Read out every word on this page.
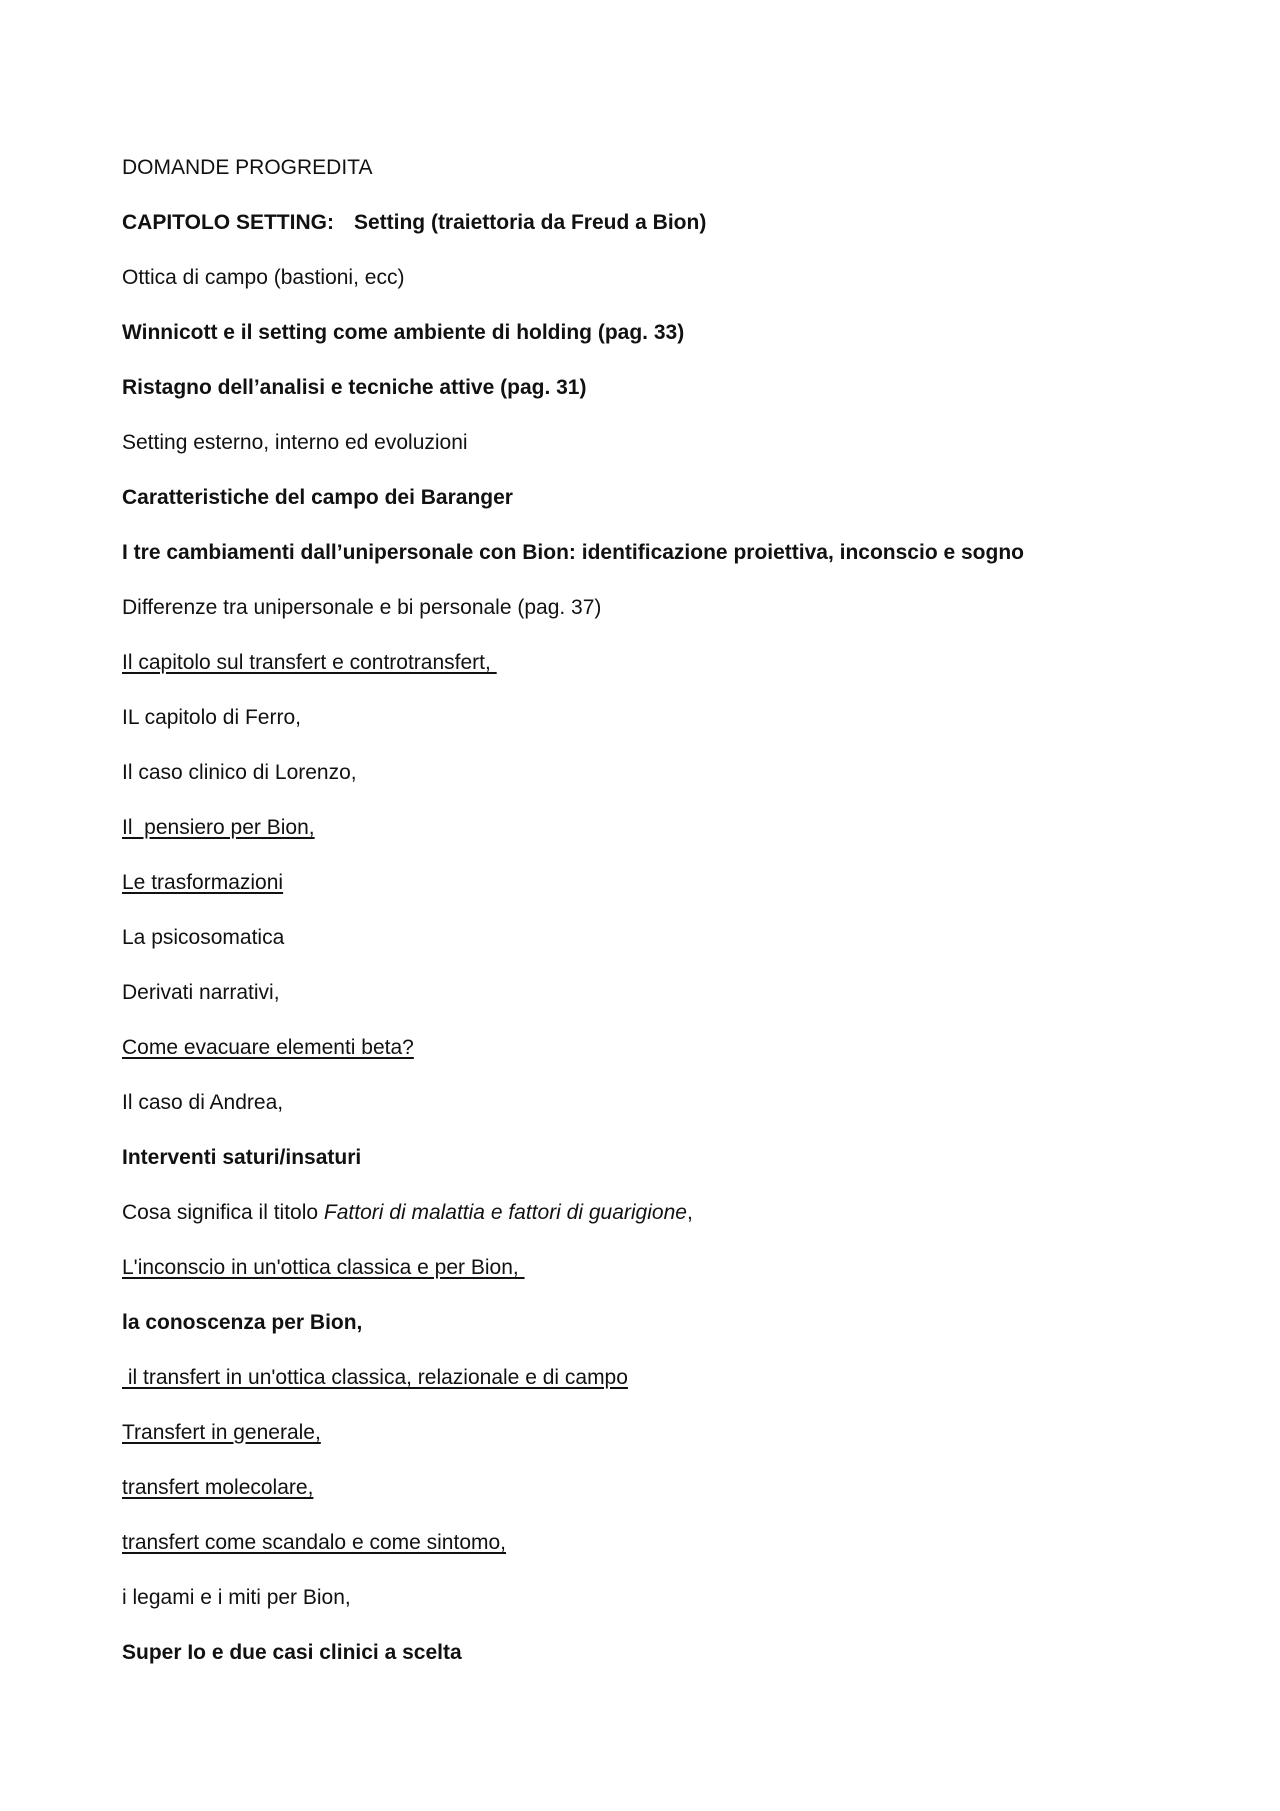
DOMANDE PROGREDITA
CAPITOLO SETTING: Setting (traiettoria da Freud a Bion)
Ottica di campo (bastioni, ecc)
Winnicott e il setting come ambiente di holding (pag. 33)
Ristagno dell’analisi e tecniche attive (pag. 31)
Setting esterno, interno ed evoluzioni
Caratteristiche del campo dei Baranger
I tre cambiamenti dall’unipersonale con Bion: identificazione proiettiva, inconscio e sogno
Differenze tra unipersonale e bi personale (pag. 37)
Il capitolo sul transfert e controtransfert,
IL capitolo di Ferro,
Il caso clinico di Lorenzo,
Il  pensiero per Bion,
Le trasformazioni
La psicosomatica
Derivati narrativi,
Come evacuare elementi beta?
Il caso di Andrea,
Interventi saturi/insaturi
Cosa significa il titolo Fattori di malattia e fattori di guarigione,
L'inconscio in un'ottica classica e per Bion,
la conoscenza per Bion,
il transfert in un'ottica classica, relazionale e di campo
Transfert in generale,
transfert molecolare,
transfert come scandalo e come sintomo,
i legami e i miti per Bion,
Super Io e due casi clinici a scelta
